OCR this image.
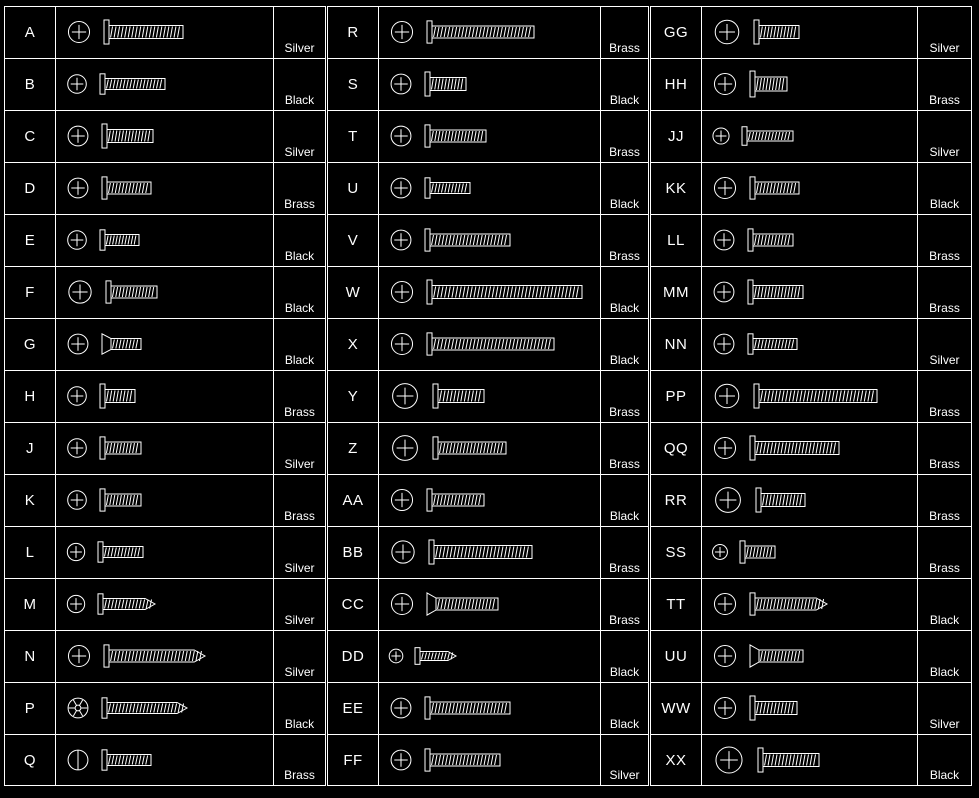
A
Silver
B
Black
C
Silver
D
Brass
E
Black
F
Black
G
Black
H
Brass
J
Silver
K
Brass
L
Silver
M
Silver
N
Silver
P
Black
Q
Brass
R
Brass
S
Black
T
Brass
U
Black
V
Brass
W
Black
X
Black
Y
Brass
Z
Brass
AA
Black
BB
Brass
CC
Brass
DD
Black
EE
Black
FF
Silver
GG
Silver
HH
Brass
JJ
Silver
KK
Black
LL
Brass
MM
Brass
NN
Silver
PP
Brass
QQ
Brass
RR
Brass
SS
Brass
TT
Black
UU
Black
WW
Silver
XX
Black
